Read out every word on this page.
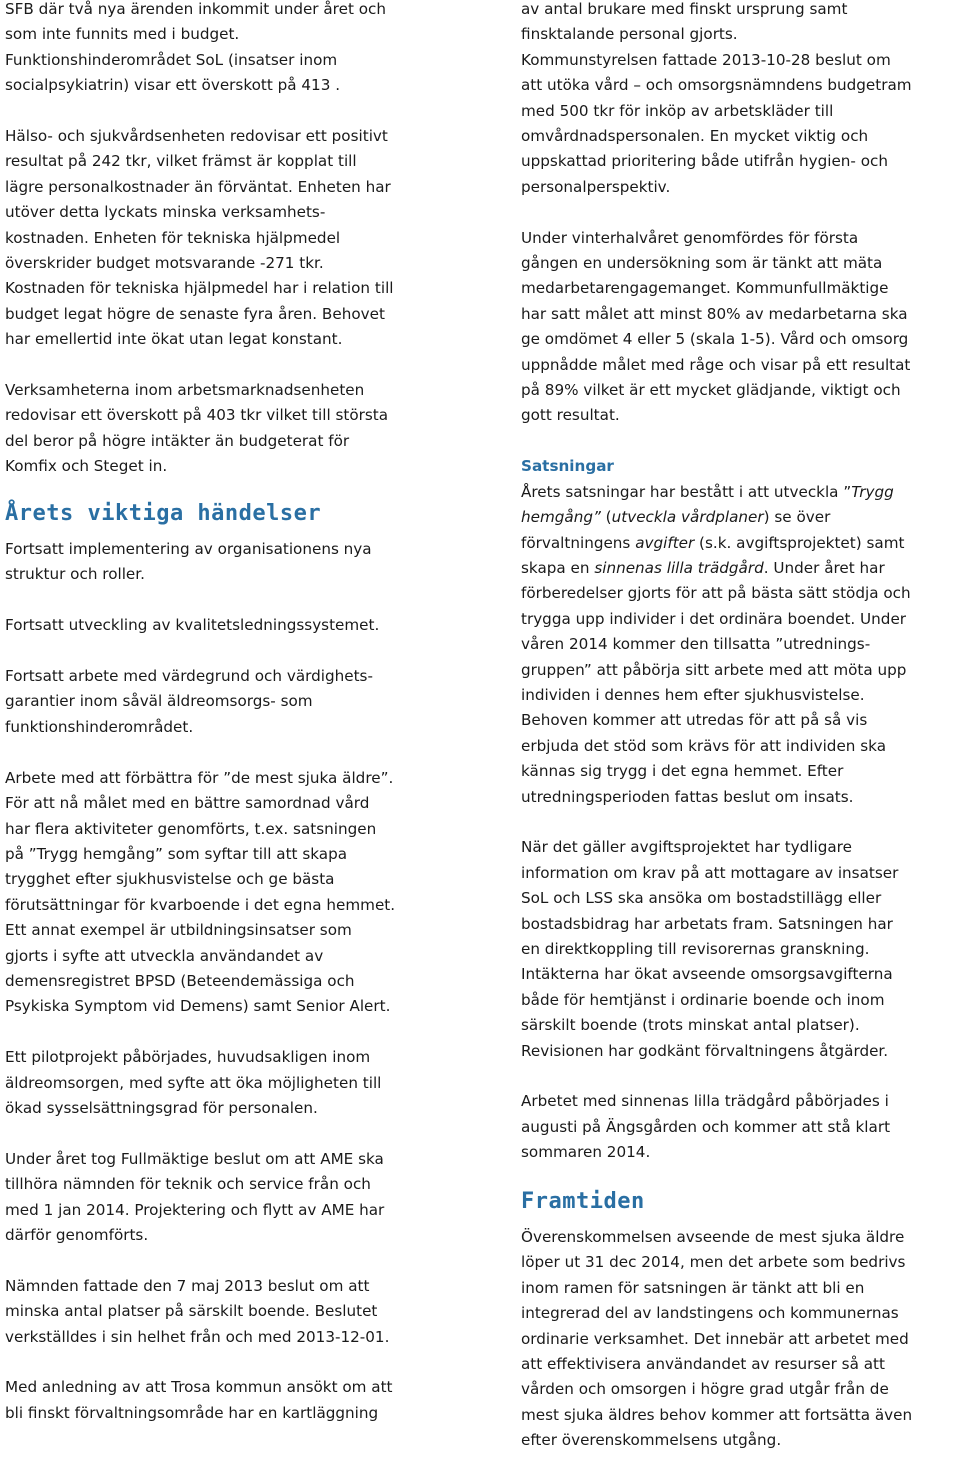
SFB där två nya ärenden inkommit under året och
som inte funnits med i budget.
Funktionshinderområdet SoL (insatser inom
socialpsykiatrin) visar ett överskott på 413 .

Hälso- och sjukvårdsenheten redovisar ett positivt
resultat på 242 tkr, vilket främst är kopplat till
lägre personalkostnader än förväntat. Enheten har
utöver detta lyckats minska verksamhets-
kostnaden. Enheten för tekniska hjälpmedel
överskrider budget motsvarande -271 tkr.
Kostnaden för tekniska hjälpmedel har i relation till
budget legat högre de senaste fyra åren. Behovet
har emellertid inte ökat utan legat konstant.

Verksamheterna inom arbetsmarknadsenheten
redovisar ett överskott på 403 tkr vilket till största
del beror på högre intäkter än budgeterat för
Komfix och Steget in.

Årets viktiga händelser

Fortsatt implementering av organisationens nya
struktur och roller.

Fortsatt utveckling av kvalitetsledningssystemet.

Fortsatt arbete med värdegrund och värdighets-
garantier inom såväl äldreomsorgs- som
funktionshinderområdet.

Arbete med att förbättra för ”de mest sjuka äldre”.
För att nå målet med en bättre samordnad vård
har flera aktiviteter genomförts, t.ex. satsningen
på ”Trygg hemgång” som syftar till att skapa
trygghet efter sjukhusvistelse och ge bästa
förutsättningar för kvarboende i det egna hemmet.
Ett annat exempel är utbildningsinsatser som
gjorts i syfte att utveckla användandet av
demensregistret BPSD (Beteendemässiga och
Psykiska Symptom vid Demens) samt Senior Alert.

Ett pilotprojekt påbörjades, huvudsakligen inom
äldreomsorgen, med syfte att öka möjligheten till
ökad sysselsättningsgrad för personalen.

Under året tog Fullmäktige beslut om att AME ska
tillhöra nämnden för teknik och service från och
med 1 jan 2014. Projektering och flytt av AME har
därför genomförts.

Nämnden fattade den 7 maj 2013 beslut om att
minska antal platser på särskilt boende. Beslutet
verkställdes i sin helhet från och med 2013-12-01.

Med anledning av att Trosa kommun ansökt om att
bli finskt förvaltningsområde har en kartläggning

av antal brukare med finskt ursprung samt
finsktalande personal gjorts.
Kommunstyrelsen fattade 2013-10-28 beslut om
att utöka vård – och omsorgsnämndens budgetram
med 500 tkr för inköp av arbetskläder till
omvårdnadspersonalen. En mycket viktig och
uppskattad prioritering både utifrån hygien- och
personalperspektiv.

Under vinterhalvåret genomfördes för första
gången en undersökning som är tänkt att mäta
medarbetarengagemanget. Kommunfullmäktige
har satt målet att minst 80% av medarbetarna ska
ge omdömet 4 eller 5 (skala 1-5). Vård och omsorg
uppnådde målet med råge och visar på ett resultat
på 89% vilket är ett mycket glädjande, viktigt och
gott resultat.

Satsningar

Årets satsningar har bestått i att utveckla ”Trygg
hemgång” (utveckla vårdplaner) se över
förvaltningens avgifter (s.k. avgiftsprojektet) samt
skapa en sinnenas lilla trädgård. Under året har
förberedelser gjorts för att på bästa sätt stödja och
trygga upp individer i det ordinära boendet. Under
våren 2014 kommer den tillsatta ”utrednings-
gruppen” att påbörja sitt arbete med att möta upp
individen i dennes hem efter sjukhusvistelse.
Behoven kommer att utredas för att på så vis
erbjuda det stöd som krävs för att individen ska
kännas sig trygg i det egna hemmet. Efter
utredningsperioden fattas beslut om insats.

När det gäller avgiftsprojektet har tydligare
information om krav på att mottagare av insatser
SoL och LSS ska ansöka om bostadstillägg eller
bostadsbidrag har arbetats fram. Satsningen har
en direktkoppling till revisorernas granskning.
Intäkterna har ökat avseende omsorgsavgifterna
både för hemtjänst i ordinarie boende och inom
särskilt boende (trots minskat antal platser).
Revisionen har godkänt förvaltningens åtgärder.

Arbetet med sinnenas lilla trädgård påbörjades i
augusti på Ängsgården och kommer att stå klart
sommaren 2014.

Framtiden

Överenskommelsen avseende de mest sjuka äldre
löper ut 31 dec 2014, men det arbete som bedrivs
inom ramen för satsningen är tänkt att bli en
integrerad del av landstingens och kommunernas
ordinarie verksamhet. Det innebär att arbetet med
att effektivisera användandet av resurser så att
vården och omsorgen i högre grad utgår från de
mest sjuka äldres behov kommer att fortsätta även
efter överenskommelsens utgång.
